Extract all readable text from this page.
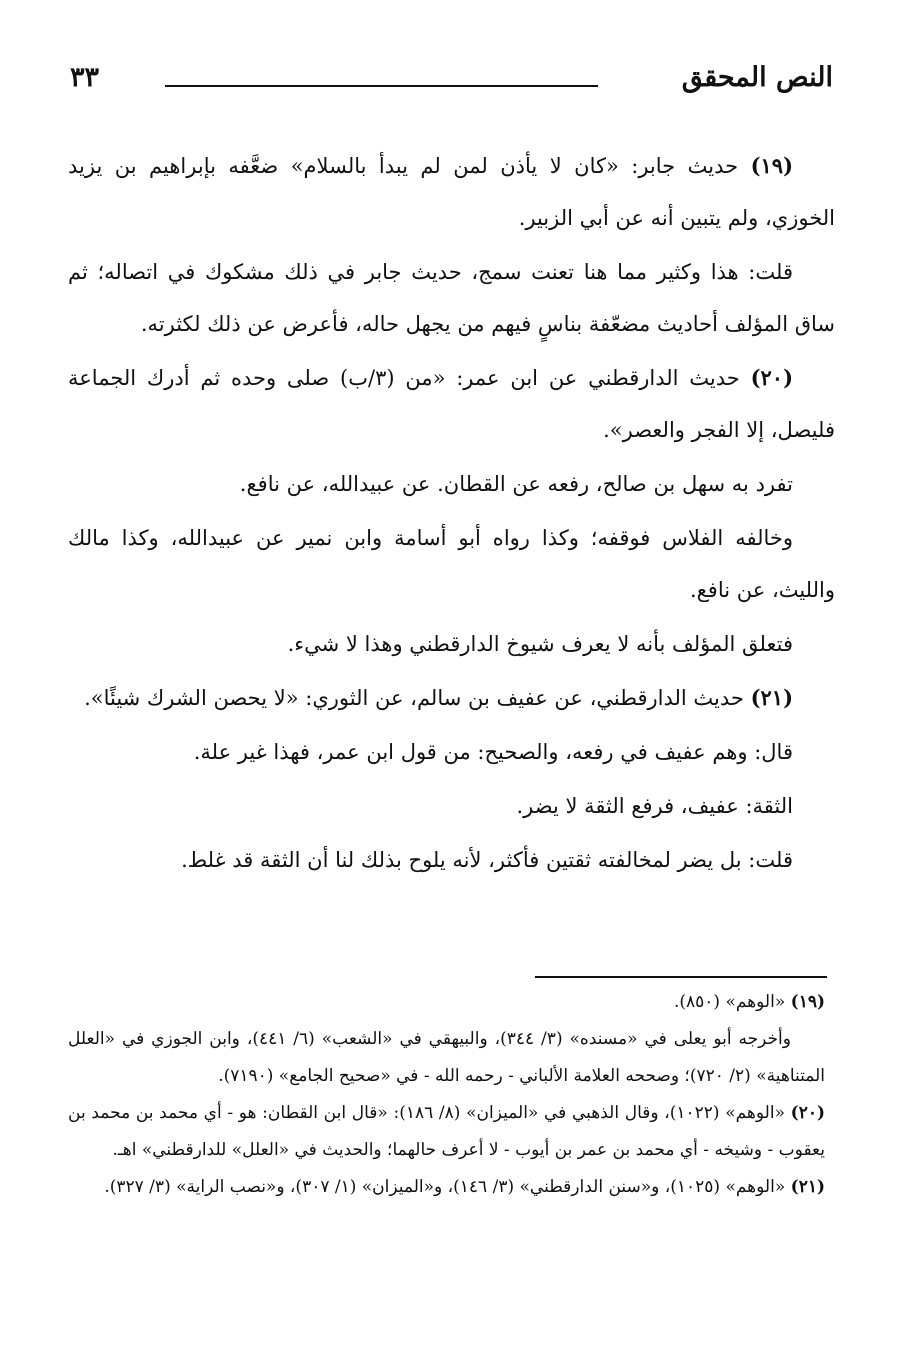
النص المحقق
٣٣

(١٩) حديث جابر: «كان لا يأذن لمن لم يبدأ بالسلام» ضعَّفه بإبراهيم بن يزيد الخوزي، ولم يتبين أنه عن أبي الزبير.

قلت: هذا وكثير مما هنا تعنت سمج، حديث جابر في ذلك مشكوك في اتصاله؛ ثم ساق المؤلف أحاديث مضعّفة بناسٍ فيهم من يجهل حاله، فأعرض عن ذلك لكثرته.

(٢٠) حديث الدارقطني عن ابن عمر: «من (٣/ب) صلى وحده ثم أدرك الجماعة فليصل، إلا الفجر والعصر».

تفرد به سهل بن صالح، رفعه عن القطان. عن عبيدالله، عن نافع.

وخالفه الفلاس فوقفه؛ وكذا رواه أبو أسامة وابن نمير عن عبيدالله، وكذا مالك والليث، عن نافع.

فتعلق المؤلف بأنه لا يعرف شيوخ الدارقطني وهذا لا شيء.

(٢١) حديث الدارقطني، عن عفيف بن سالم، عن الثوري: «لا يحصن الشرك شيئًا».

قال: وهم عفيف في رفعه، والصحيح: من قول ابن عمر، فهذا غير علة.

الثقة: عفيف، فرفع الثقة لا يضر.

قلت: بل يضر لمخالفته ثقتين فأكثر، لأنه يلوح بذلك لنا أن الثقة قد غلط.

(١٩) «الوهم» (٨٥٠).

وأخرجه أبو يعلى في «مسنده» (٣/ ٣٤٤)، والبيهقي في «الشعب» (٦/ ٤٤١)، وابن الجوزي في «العلل المتناهية» (٢/ ٧٢٠)؛ وصححه العلامة الألباني - رحمه الله - في «صحيح الجامع» (٧١٩٠).

(٢٠) «الوهم» (١٠٢٢)، وقال الذهبي في «الميزان» (٨/ ١٨٦): «قال ابن القطان: هو - أي محمد بن محمد بن يعقوب - وشيخه - أي محمد بن عمر بن أيوب - لا أعرف حالهما؛ والحديث في «العلل» للدارقطني» اهـ.

(٢١) «الوهم» (١٠٢٥)، و«سنن الدارقطني» (٣/ ١٤٦)، و«الميزان» (١/ ٣٠٧)، و«نصب الراية» (٣/ ٣٢٧).
